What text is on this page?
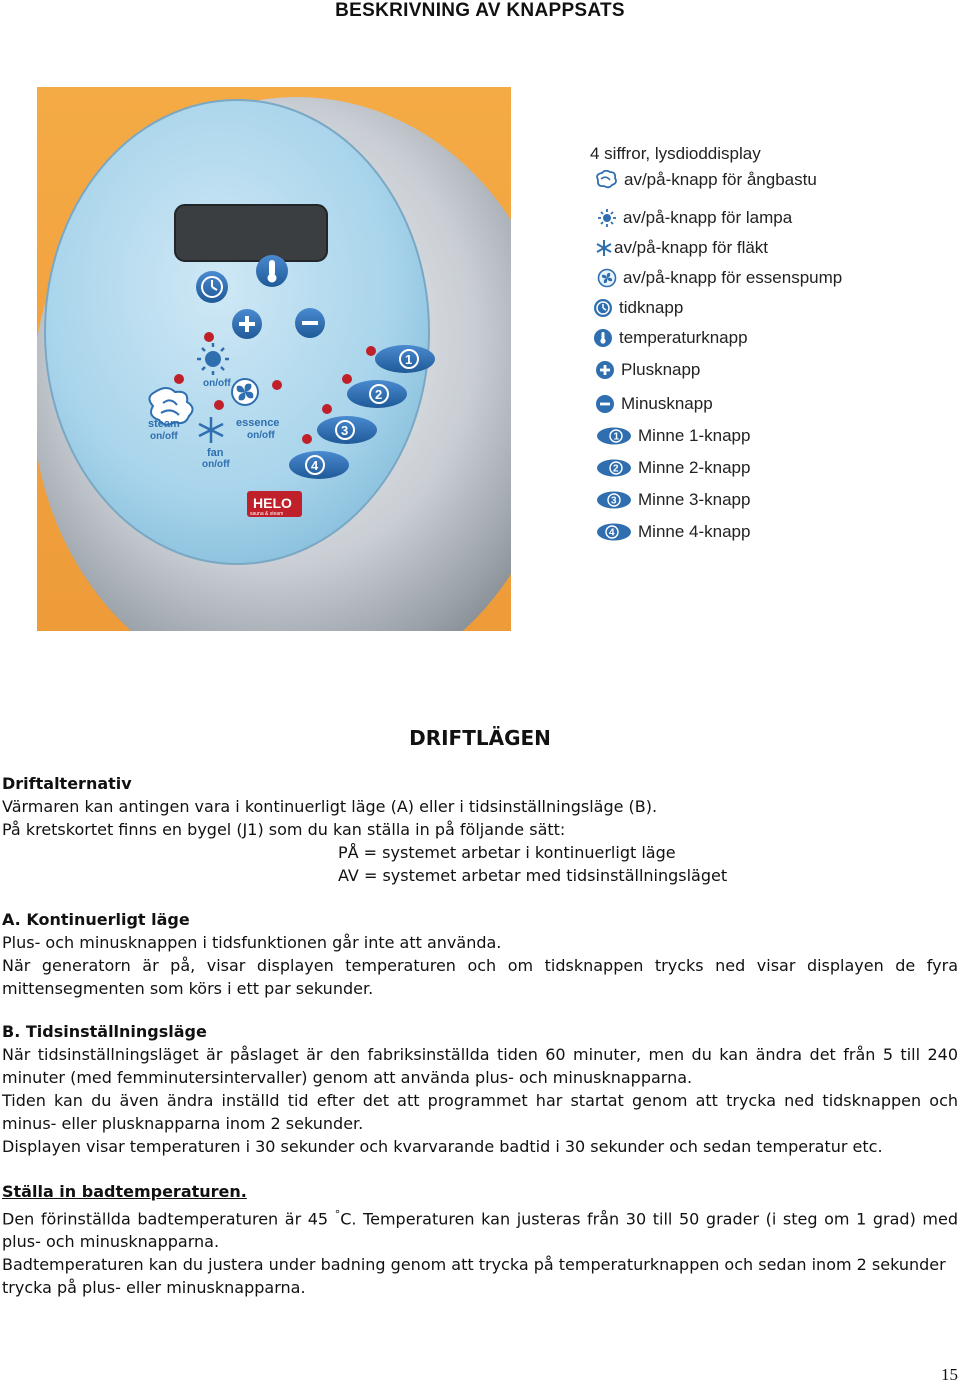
BESKRIVNING AV KNAPPSATS
on/off
steam
on/off
essence
on/off
fan
on/off
1
2
3
4
HELO
sauna & steam
4 siffror, lysdioddisplay
av/på-knapp för ångbastu
av/på-knapp för lampa
av/på-knapp för fläkt
av/på-knapp för essenspump
tidknapp
temperaturknapp
Plusknapp
Minusknapp
1 Minne 1-knapp
2 Minne 2-knapp
3 Minne 3-knapp
4 Minne 4-knapp
DRIFTLÄGEN

Driftalternativ

Värmaren kan antingen vara i kontinuerligt läge (A) eller i tidsinställningsläge (B).

På kretskortet finns en bygel (J1) som du kan ställa in på följande sätt:

PÅ = systemet arbetar i kontinuerligt läge

AV = systemet arbetar med tidsinställningsläget

A. Kontinuerligt läge

Plus- och minusknappen i tidsfunktionen går inte att använda.

När generatorn är på, visar displayen temperaturen och om tidsknappen trycks ned visar displayen de fyra mittensegmenten som körs i ett par sekunder.

B. Tidsinställningsläge

När tidsinställningsläget är påslaget är den fabriksinställda tiden 60 minuter, men du kan ändra det från 5 till 240 minuter (med femminutersintervaller) genom att använda plus- och minusknapparna.

Tiden kan du även ändra inställd tid efter det att programmet har startat genom att trycka ned tidsknappen och minus- eller plusknapparna inom 2 sekunder.

Displayen visar temperaturen i 30 sekunder och kvarvarande badtid i 30 sekunder och sedan temperatur etc.

Ställa in badtemperaturen.

Den förinställda badtemperaturen är 45 °C. Temperaturen kan justeras från 30 till 50 grader (i steg om 1 grad) med plus- och minusknapparna.

Badtemperaturen kan du justera under badning genom att trycka på temperaturknappen och sedan inom 2 sekunder trycka på plus- eller minusknapparna.

15
